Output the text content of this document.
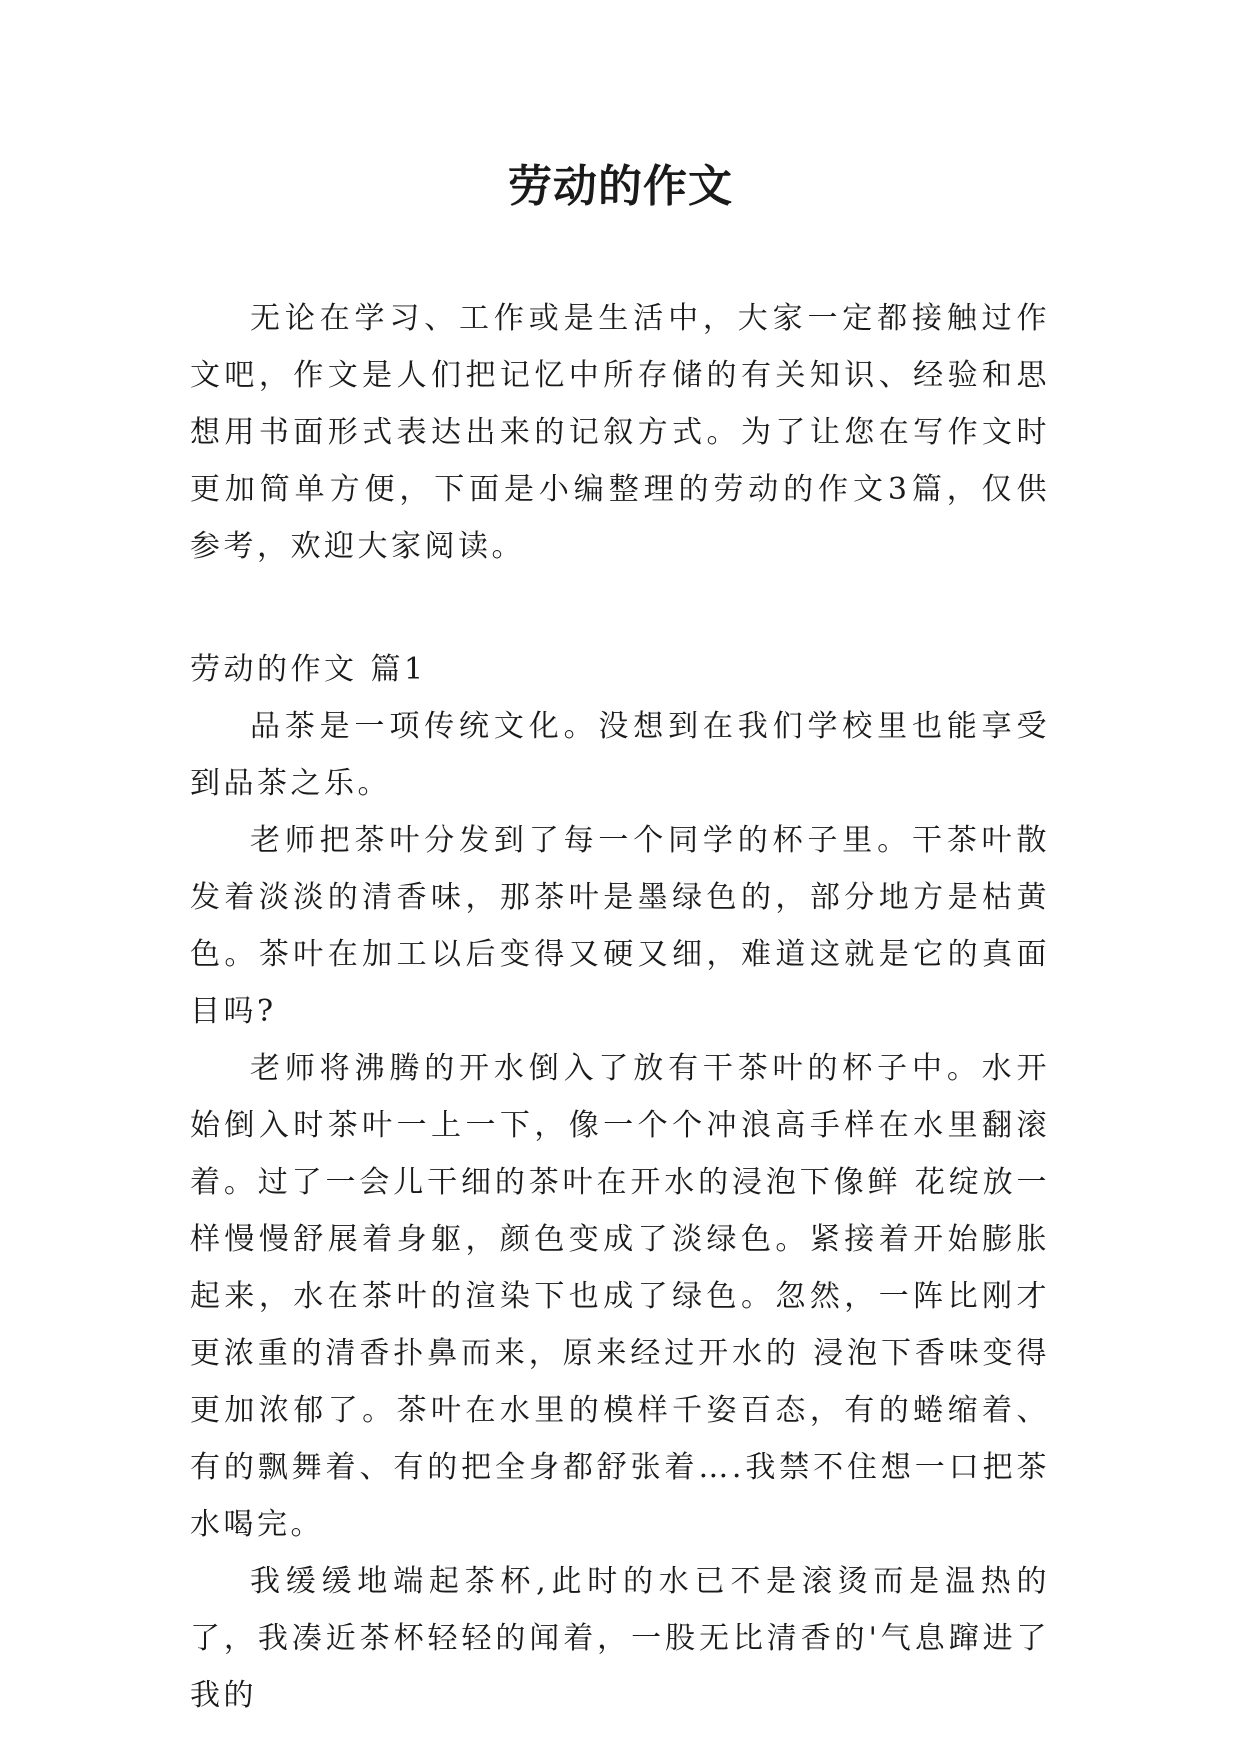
劳动的作文

无论在学习、工作或是生活中，大家一定都接触过作文吧，作文是人们把记忆中所存储的有关知识、经验和思想用书面形式表达出来的记叙方式。为了让您在写作文时更加简单方便，下面是小编整理的劳动的作文3篇，仅供参考，欢迎大家阅读。

劳动的作文 篇1

品茶是一项传统文化。没想到在我们学校里也能享受到品茶之乐。

老师把茶叶分发到了每一个同学的杯子里。干茶叶散发着淡淡的清香味，那茶叶是墨绿色的，部分地方是枯黄色。茶叶在加工以后变得又硬又细，难道这就是它的真面目吗?

老师将沸腾的开水倒入了放有干茶叶的杯子中。水开始倒入时茶叶一上一下，像一个个冲浪高手样在水里翻滚着。过了一会儿干细的茶叶在开水的浸泡下像鲜 花绽放一样慢慢舒展着身躯，颜色变成了淡绿色。紧接着开始膨胀起来，水在茶叶的渲染下也成了绿色。忽然，一阵比刚才更浓重的清香扑鼻而来，原来经过开水的 浸泡下香味变得更加浓郁了。茶叶在水里的模样千姿百态，有的蜷缩着、有的飘舞着、有的把全身都舒张着….我禁不住想一口把茶水喝完。

我缓缓地端起茶杯,此时的水已不是滚烫而是温热的了，我凑近茶杯轻轻的闻着，一股无比清香的'气息蹿进了我的
